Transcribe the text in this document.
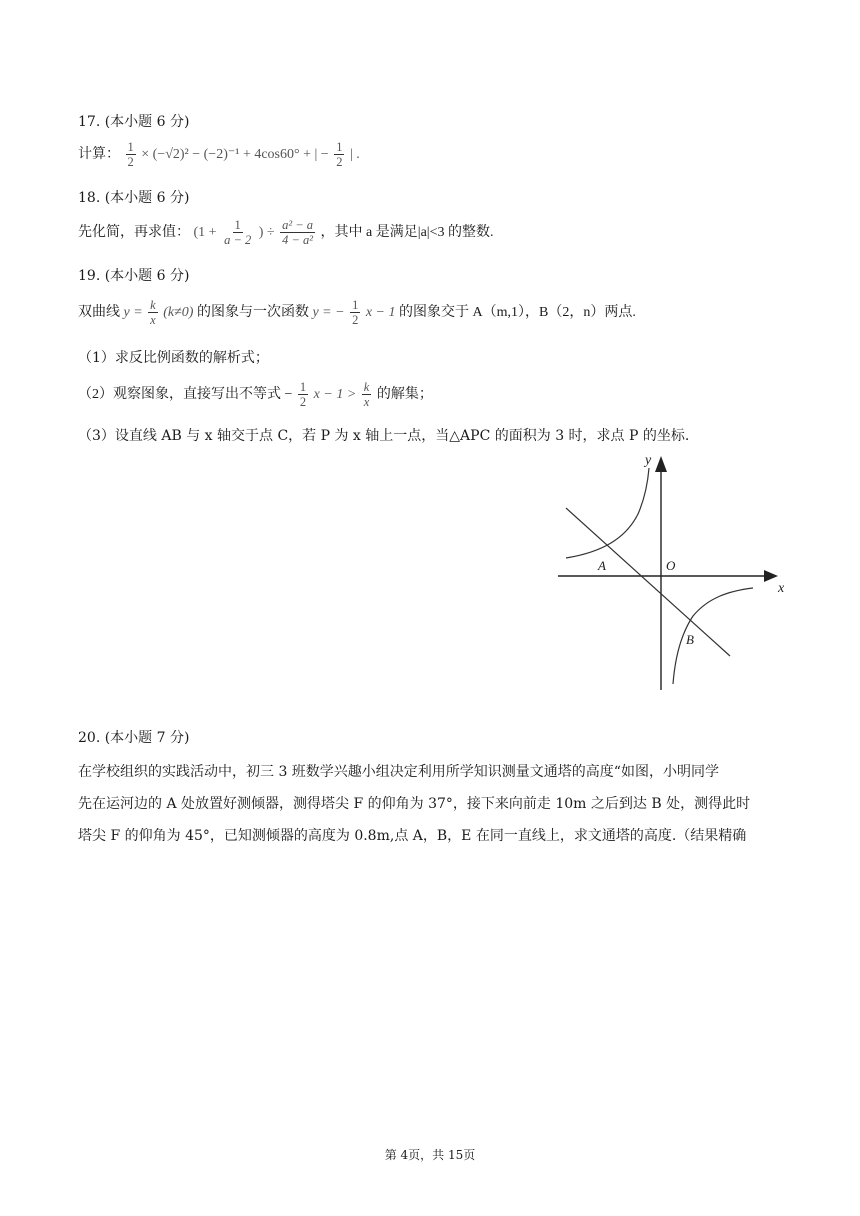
17. (本小题 6 分)
计算： $\frac{1}{2} \times (-√2)^2 - (-2)^{-1} + 4\cos 60^\circ$ + | − $\frac{1}{2}$ | .
18. (本小题 6 分)
先化简，再求值： ($1 + \frac{1}{a - 2}$ ) ÷ $\frac{\text{a² − a}}{\text{4 − a²}}$ ，其中 a 是满足|a|<3 的整数.
19. (本小题 6 分)
双曲线 $y = \frac{k}{x} (k\ne 0)$ 的图象与一次函数 y = − $\frac{1}{2}$ x − 1 的图象交于 A（m,1），B（2，n）两点.
（1）求反比例函数的解析式；
（2）观察图象，直接写出不等式 − $\frac{1}{2}$ $x - 1 > \frac{k}{x}$ 的解集；
（3）设直线 AB 与 x 轴交于点 C，若 P 为 x 轴上一点，当△APC 的面积为 3 时，求点 P 的坐标.
y
x
O
A
B
20. (本小题 7 分)
在学校组织的实践活动中，初三 3 班数学兴趣小组决定利用所学知识测量文通塔的高度“如图，小明同学
先在运河边的 A 处放置好测倾器，测得塔尖 F 的仰角为 37°，接下来向前走 10m 之后到达 B 处，测得此时
塔尖 F 的仰角为 45°，已知测倾器的高度为 0.8m,点 A，B，E 在同一直线上，求文通塔的高度.（结果精确
第 4页，共 15页
